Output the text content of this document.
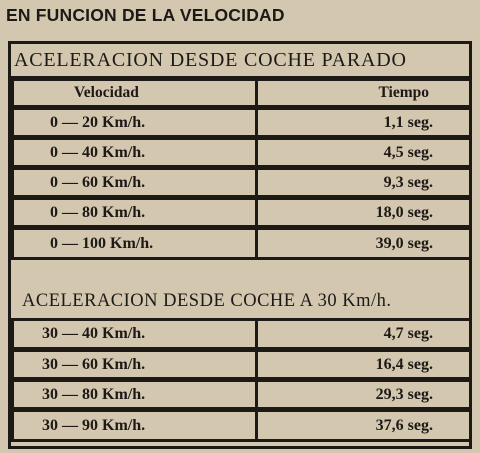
EN FUNCION DE LA VELOCIDAD
ACELERACION DESDE COCHE PARADO
Velocidad	Tiempo
0 — 20 Km/h.	1,1 seg.
0 — 40 Km/h.	4,5 seg.
0 — 60 Km/h.	9,3 seg.
0 — 80 Km/h.	18,0 seg.
0 — 100 Km/h.	39,0 seg.
ACELERACION DESDE COCHE A 30 Km/h.
30 — 40 Km/h.	4,7 seg.
30 — 60 Km/h.	16,4 seg.
30 — 80 Km/h.	29,3 seg.
30 — 90 Km/h.	37,6 seg.
